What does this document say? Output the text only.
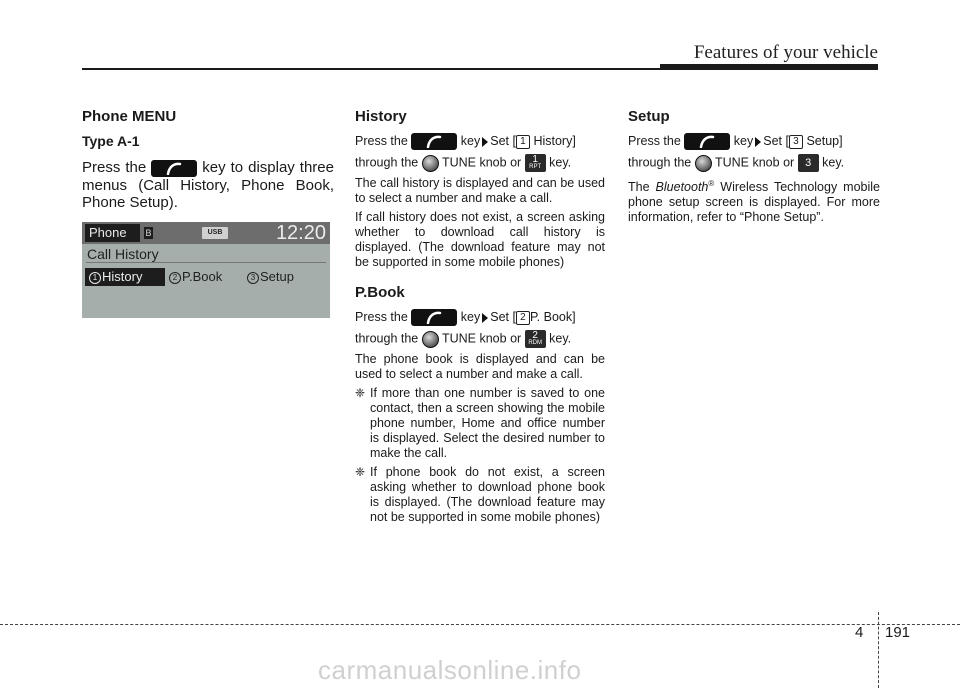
Features of your vehicle
Phone MENU
Type A-1

Press the	key to display three menus (Call History, Phone Book, Phone Setup).

Phone	B	USB	12:20
Call History
1 History	2 P.Book	3 Setup
History

Press the	key Set [ 1 History]

through the TUNE knob or	1
RPT key.

The call history is displayed and can be used to select a number and make a call.

If call history does not exist, a screen asking whether to download call history is displayed. (The download feature may not be supported in some mobile phones)

P.Book

Press the	key Set [ 2 P. Book]

through the TUNE knob or	2
RDM key.

The phone book is displayed and can be used to select a number and make a call.

❈ If more than one number is saved to one contact, then a screen showing the mobile phone number, Home and office number is displayed. Select the desired number to make the call.
❈ If phone book do not exist, a screen asking whether to download phone book is displayed. (The download feature may not be supported in some mobile phones)
Setup

Press the	key Set [ 3 Setup]

through the TUNE knob or 3 key.

The Bluetooth® Wireless Technology mobile phone setup screen is displayed. For more information, refer to “Phone Setup”.

4 191
carmanualsonline.info
